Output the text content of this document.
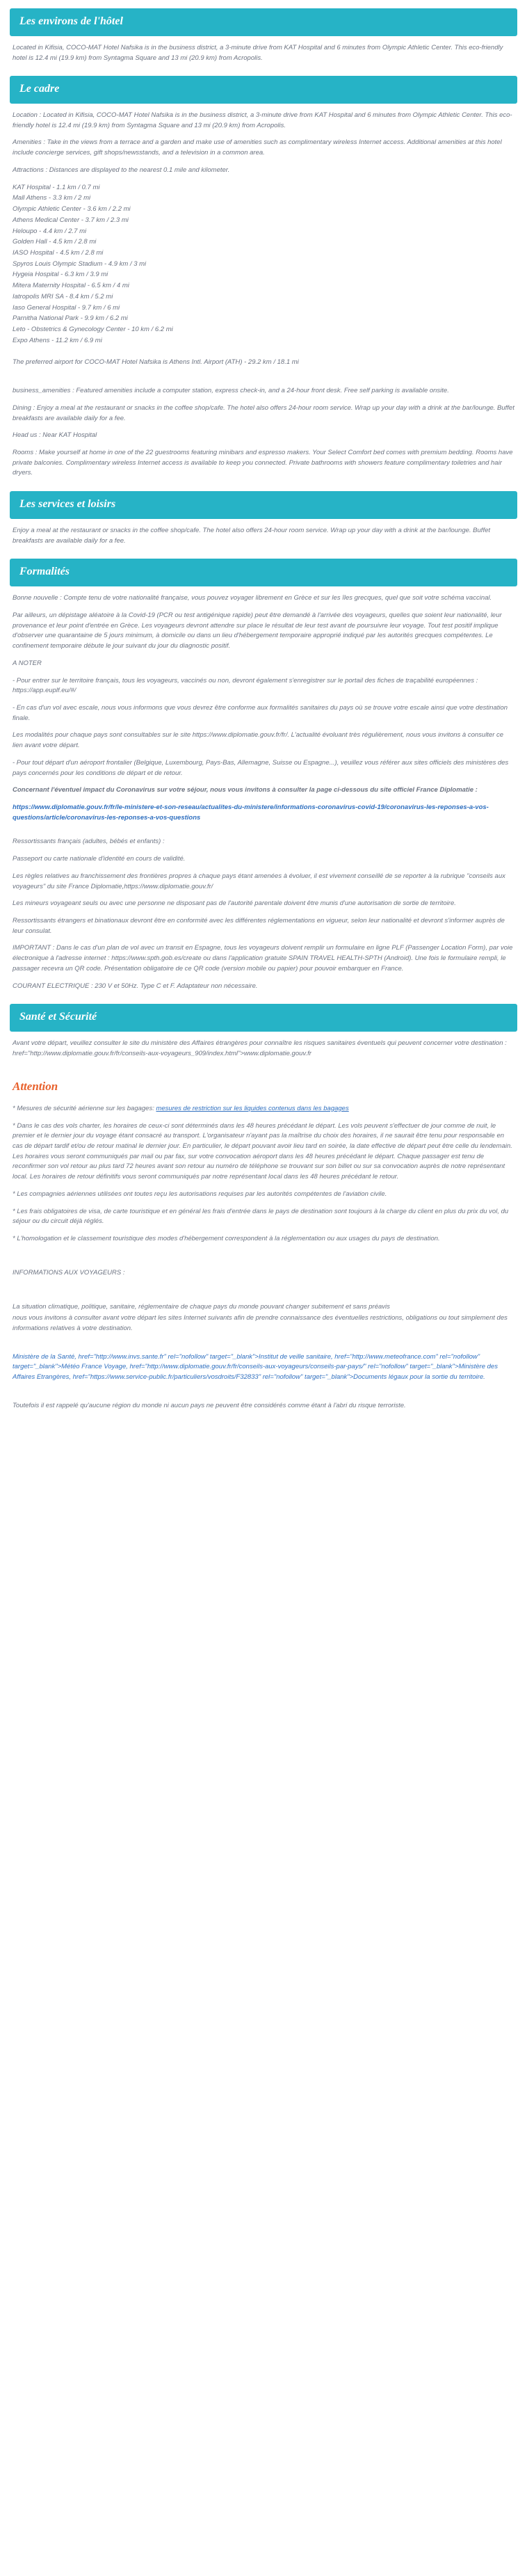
Les environs de l'hôtel

Located in Kifisia, COCO-MAT Hotel Nafsika is in the business district, a 3-minute drive from KAT Hospital and 6 minutes from Olympic Athletic Center. This eco-friendly hotel is 12.4 mi (19.9 km) from Syntagma Square and 13 mi (20.9 km) from Acropolis.

Le cadre

Location : Located in Kifisia, COCO-MAT Hotel Nafsika is in the business district, a 3-minute drive from KAT Hospital and 6 minutes from Olympic Athletic Center. This eco-friendly hotel is 12.4 mi (19.9 km) from Syntagma Square and 13 mi (20.9 km) from Acropolis.

Amenities : Take in the views from a terrace and a garden and make use of amenities such as complimentary wireless Internet access. Additional amenities at this hotel include concierge services, gift shops/newsstands, and a television in a common area.

Attractions : Distances are displayed to the nearest 0.1 mile and kilometer.

KAT Hospital - 1.1 km / 0.7 mi

Mall Athens - 3.3 km / 2 mi

Olympic Athletic Center - 3.6 km / 2.2 mi

Athens Medical Center - 3.7 km / 2.3 mi

Heloupo - 4.4 km / 2.7 mi

Golden Hall - 4.5 km / 2.8 mi

IASO Hospital - 4.5 km / 2.8 mi

Spyros Louis Olympic Stadium - 4.9 km / 3 mi

Hygeia Hospital - 6.3 km / 3.9 mi

Mitera Maternity Hospital - 6.5 km / 4 mi

Iatropolis MRI SA - 8.4 km / 5.2 mi

Iaso General Hospital - 9.7 km / 6 mi

Parnitha National Park - 9.9 km / 6.2 mi

Leto - Obstetrics & Gynecology Center - 10 km / 6.2 mi

Expo Athens - 11.2 km / 6.9 mi

The preferred airport for COCO-MAT Hotel Nafsika is Athens Intl. Airport (ATH) - 29.2 km / 18.1 mi

business_amenities : Featured amenities include a computer station, express check-in, and a 24-hour front desk. Free self parking is available onsite.

Dining : Enjoy a meal at the restaurant or snacks in the coffee shop/cafe. The hotel also offers 24-hour room service. Wrap up your day with a drink at the bar/lounge. Buffet breakfasts are available daily for a fee.

Head us : Near KAT Hospital

Rooms : Make yourself at home in one of the 22 guestrooms featuring minibars and espresso makers. Your Select Comfort bed comes with premium bedding. Rooms have private balconies. Complimentary wireless Internet access is available to keep you connected. Private bathrooms with showers feature complimentary toiletries and hair dryers.

Les services et loisirs

Enjoy a meal at the restaurant or snacks in the coffee shop/cafe. The hotel also offers 24-hour room service. Wrap up your day with a drink at the bar/lounge. Buffet breakfasts are available daily for a fee.

Formalités

Bonne nouvelle : Compte tenu de votre nationalité française, vous pouvez voyager librement en Grèce et sur les îles grecques, quel que soit votre schéma vaccinal.

Par ailleurs, un dépistage aléatoire à la Covid-19 (PCR ou test antigénique rapide) peut être demandé à l'arrivée des voyageurs, quelles que soient leur nationalité, leur provenance et leur point d'entrée en Grèce. Les voyageurs devront attendre sur place le résultat de leur test avant de poursuivre leur voyage. Tout test positif implique d'observer une quarantaine de 5 jours minimum, à domicile ou dans un lieu d'hébergement temporaire approprié indiqué par les autorités grecques compétentes. Le confinement temporaire débute le jour suivant du jour du diagnostic positif.

A NOTER

- Pour entrer sur le territoire français, tous les voyageurs, vaccinés ou non, devront également s'enregistrer sur le portail des fiches de traçabilité européennes : https://app.euplf.eu/#/

- En cas d'un vol avec escale, nous vous informons que vous devrez être conforme aux formalités sanitaires du pays où se trouve votre escale ainsi que votre destination finale.

Les modalités pour chaque pays sont consultables sur le site https://www.diplomatie.gouv.fr/fr/. L'actualité évoluant très régulièrement, nous vous invitons à consulter ce lien avant votre départ.

- Pour tout départ d'un aéroport frontalier (Belgique, Luxembourg, Pays-Bas, Allemagne, Suisse ou Espagne...), veuillez vous référer aux sites officiels des ministères des pays concernés pour les conditions de départ et de retour.

Concernant l'éventuel impact du Coronavirus sur votre séjour, nous vous invitons à consulter la page ci-dessous du site officiel France Diplomatie :

https://www.diplomatie.gouv.fr/fr/le-ministere-et-son-reseau/actualites-du-ministere/informations-coronavirus-covid-19/coronavirus-les-reponses-a-vos-questions/article/coronavirus-les-reponses-a-vos-questions

Ressortissants français (adultes, bébés et enfants) :

Passeport ou carte nationale d'identité en cours de validité.

Les règles relatives au franchissement des frontières propres à chaque pays étant amenées à évoluer, il est vivement conseillé de se reporter à la rubrique "conseils aux voyageurs" du site France Diplomatie,https://www.diplomatie.gouv.fr/

Les mineurs voyageant seuls ou avec une personne ne disposant pas de l'autorité parentale doivent être munis d'une autorisation de sortie de territoire.

Ressortissants étrangers et binationaux devront être en conformité avec les différentes réglementations en vigueur, selon leur nationalité et devront s'informer auprès de leur consulat.

IMPORTANT : Dans le cas d'un plan de vol avec un transit en Espagne, tous les voyageurs doivent remplir un formulaire en ligne PLF (Passenger Location Form), par voie électronique à l'adresse internet : https://www.spth.gob.es/create ou dans l'application gratuite SPAIN TRAVEL HEALTH-SPTH (Android). Une fois le formulaire rempli, le passager recevra un QR code. Présentation obligatoire de ce QR code (version mobile ou papier) pour pouvoir embarquer en France.

COURANT ELECTRIQUE : 230 V et 50Hz. Type C et F. Adaptateur non nécessaire.

Santé et Sécurité

Avant votre départ, veuillez consulter le site du ministère des Affaires étrangères pour connaître les risques sanitaires éventuels qui peuvent concerner votre destination : href="http://www.diplomatie.gouv.fr/fr/conseils-aux-voyageurs_909/index.html">www.diplomatie.gouv.fr

Attention

* Mesures de sécurité aérienne sur les bagages: mesures de restriction sur les liquides contenus dans les bagages

* Dans le cas des vols charter, les horaires de ceux-ci sont déterminés dans les 48 heures précédant le départ. Les vols peuvent s'effectuer de jour comme de nuit, le premier et le dernier jour du voyage étant consacré au transport. L'organisateur n'ayant pas la maîtrise du choix des horaires, il ne saurait être tenu pour responsable en cas de départ tardif et/ou de retour matinal le dernier jour. En particulier, le départ pouvant avoir lieu tard en soirée, la date effective de départ peut être celle du lendemain. Les horaires vous seront communiqués par mail ou par fax, sur votre convocation aéroport dans les 48 heures précédant le départ. Chaque passager est tenu de reconfirmer son vol retour au plus tard 72 heures avant son retour au numéro de téléphone se trouvant sur son billet ou sur sa convocation auprès de notre représentant local. Les horaires de retour définitifs vous seront communiqués par notre représentant local dans les 48 heures précédant le retour.

* Les compagnies aériennes utilisées ont toutes reçu les autorisations requises par les autorités compétentes de l'aviation civile.

* Les frais obligatoires de visa, de carte touristique et en général les frais d'entrée dans le pays de destination sont toujours à la charge du client en plus du prix du vol, du séjour ou du circuit déjà réglés.

* L'homologation et le classement touristique des modes d'hébergement correspondent à la réglementation ou aux usages du pays de destination.

INFORMATIONS AUX VOYAGEURS :

La situation climatique, politique, sanitaire, réglementaire de chaque pays du monde pouvant changer subitement et sans préavis

nous vous invitons à consulter avant votre départ les sites Internet suivants afin de prendre connaissance des éventuelles restrictions, obligations ou tout simplement des informations relatives à votre destination.

Ministère de la Santé, href="http://www.invs.sante.fr" rel="nofollow" target="_blank">Institut de veille sanitaire, href="http://www.meteofrance.com" rel="nofollow" target="_blank">Météo France Voyage, href="http://www.diplomatie.gouv.fr/fr/conseils-aux-voyageurs/conseils-par-pays/" rel="nofollow" target="_blank">Ministère des Affaires Etrangères, href="https://www.service-public.fr/particuliers/vosdroits/F32833" rel="nofollow" target="_blank">Documents légaux pour la sortie du territoire.

Toutefois il est rappelé qu'aucune région du monde ni aucun pays ne peuvent être considérés comme étant à l'abri du risque terroriste.
